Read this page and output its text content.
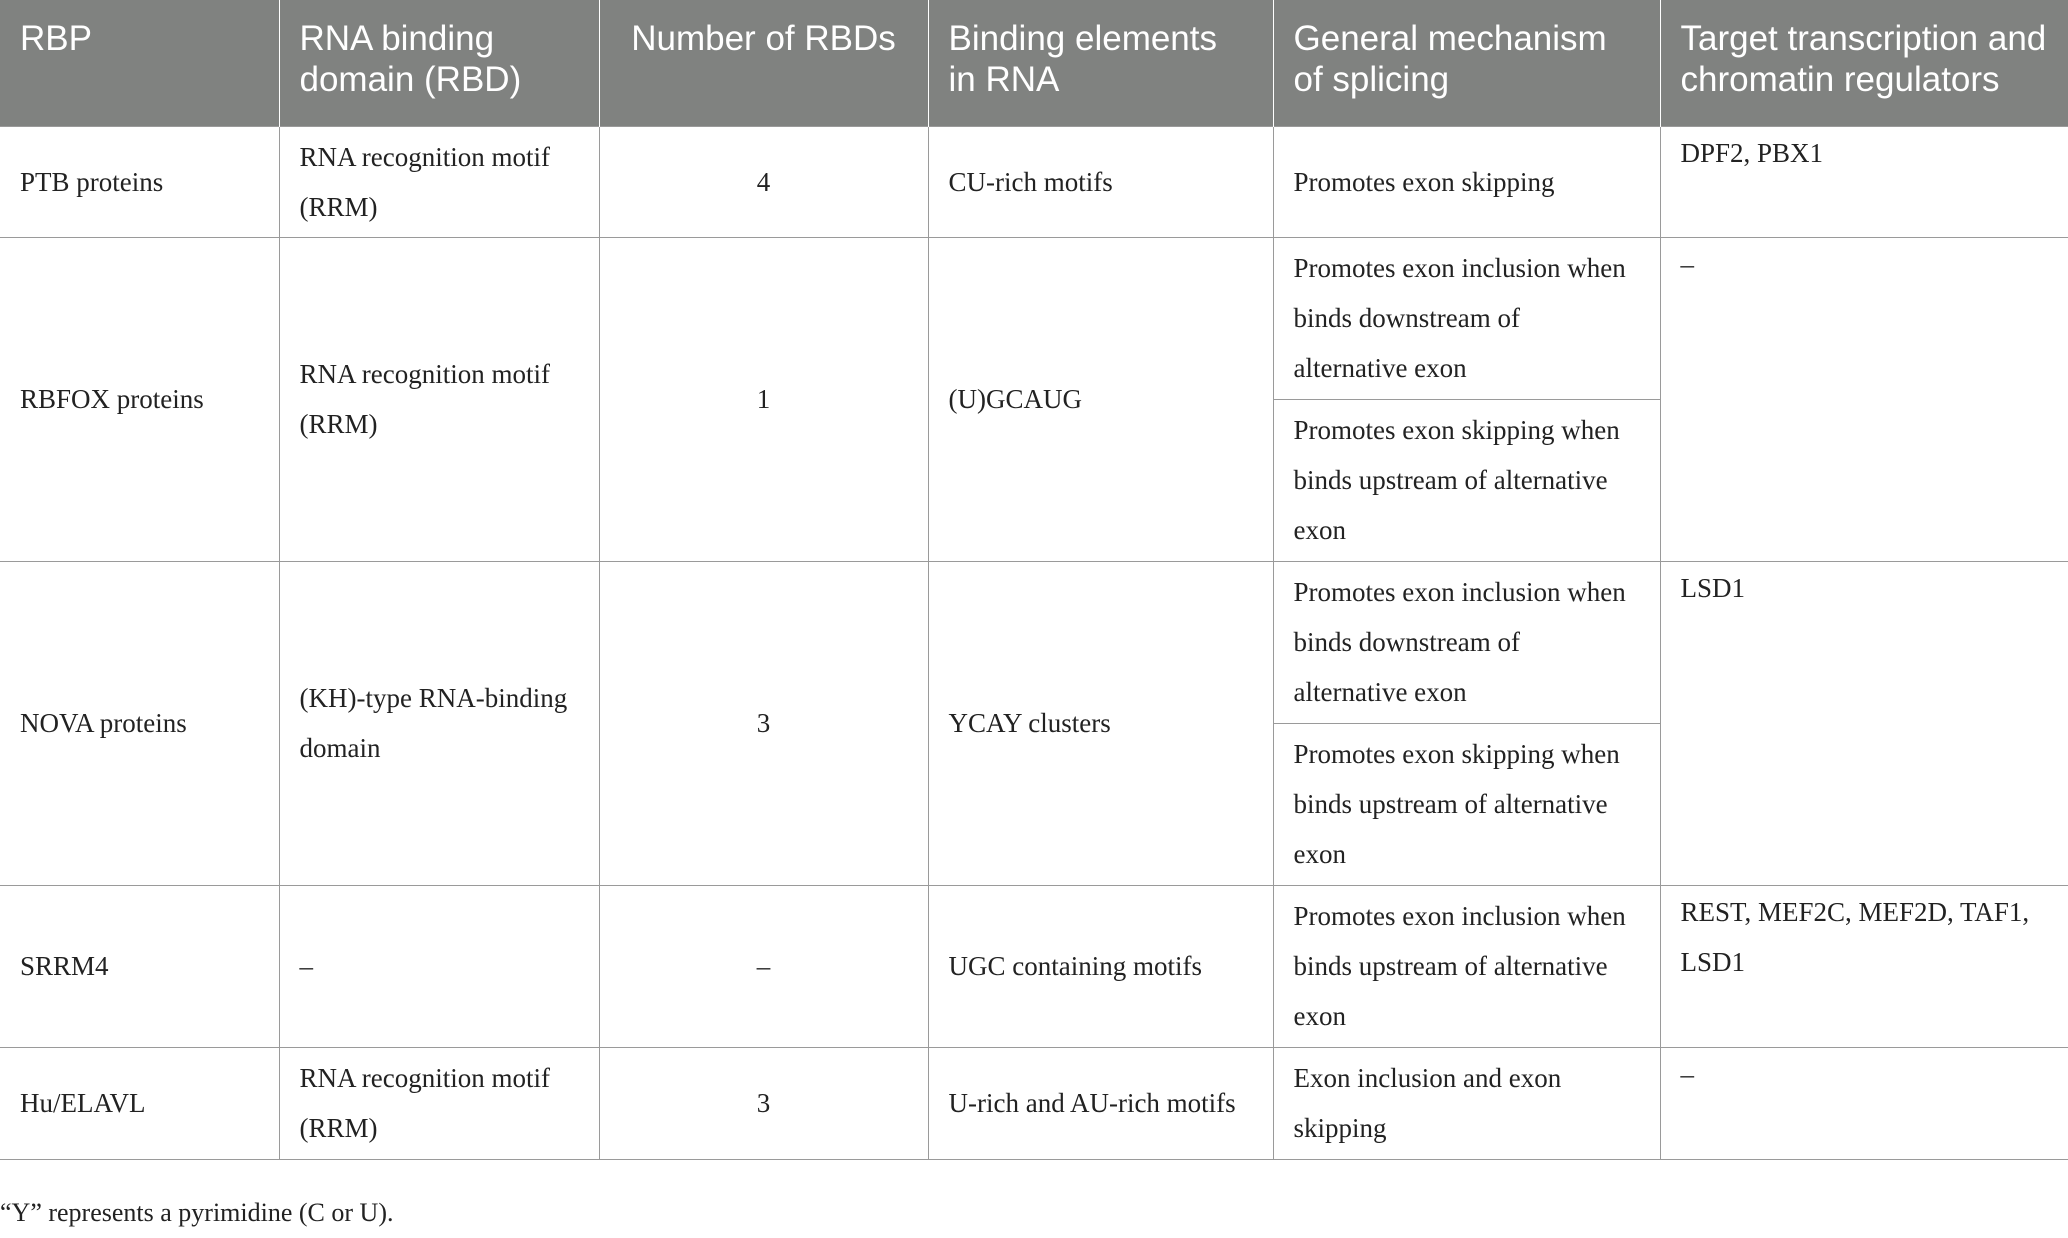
RBP	RNA binding domain (RBD)	Number of RBDs	Binding elements in RNA	General mechanism of splicing	Target transcription and chromatin regulators
PTB proteins	RNA recognition motif (RRM)	4	CU-rich motifs	Promotes exon skipping	DPF2, PBX1
RBFOX proteins	RNA recognition motif (RRM)	1	(U)GCAUG	Promotes exon inclusion when binds downstream of alternative exon	–
				Promotes exon skipping when binds upstream of alternative exon	
NOVA proteins	(KH)-type RNA-binding domain	3	YCAY clusters	Promotes exon inclusion when binds downstream of alternative exon	LSD1
				Promotes exon skipping when binds upstream of alternative exon	
SRRM4	–	–	UGC containing motifs	Promotes exon inclusion when binds upstream of alternative exon	REST, MEF2C, MEF2D, TAF1, LSD1
Hu/ELAVL	RNA recognition motif (RRM)	3	U-rich and AU-rich motifs	Exon inclusion and exon skipping	–
“Y” represents a pyrimidine (C or U).
